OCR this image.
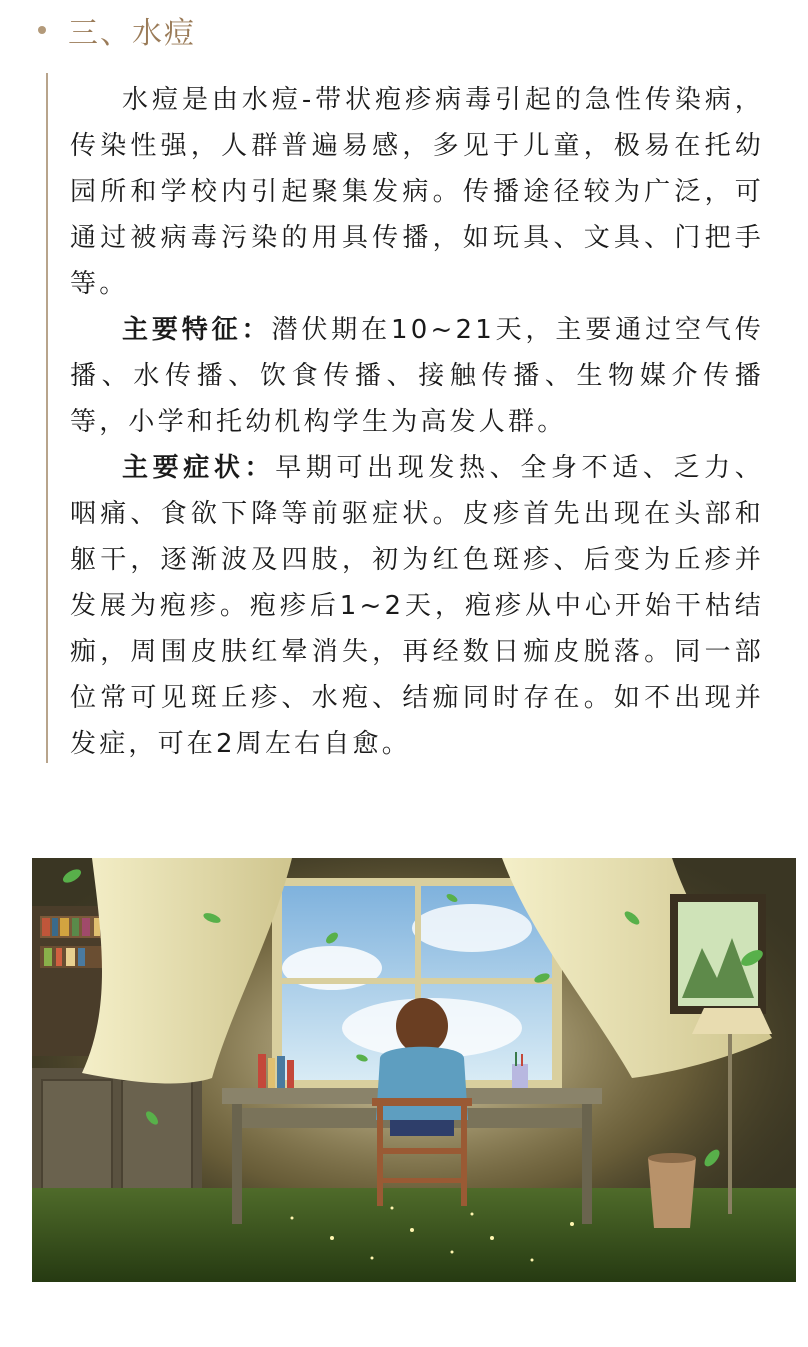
三、水痘

水痘是由水痘-带状疱疹病毒引起的急性传染病，传染性强，人群普遍易感，多见于儿童，极易在托幼园所和学校内引起聚集发病。传播途径较为广泛，可通过被病毒污染的用具传播，如玩具、文具、门把手等。

主要特征：潜伏期在10~21天，主要通过空气传播、水传播、饮食传播、接触传播、生物媒介传播等，小学和托幼机构学生为高发人群。

主要症状：早期可出现发热、全身不适、乏力、咽痛、食欲下降等前驱症状。皮疹首先出现在头部和躯干，逐渐波及四肢，初为红色斑疹、后变为丘疹并发展为疱疹。疱疹后1~2天，疱疹从中心开始干枯结痂，周围皮肤红晕消失，再经数日痂皮脱落。同一部位常可见斑丘疹、水疱、结痂同时存在。如不出现并发症，可在2周左右自愈。
